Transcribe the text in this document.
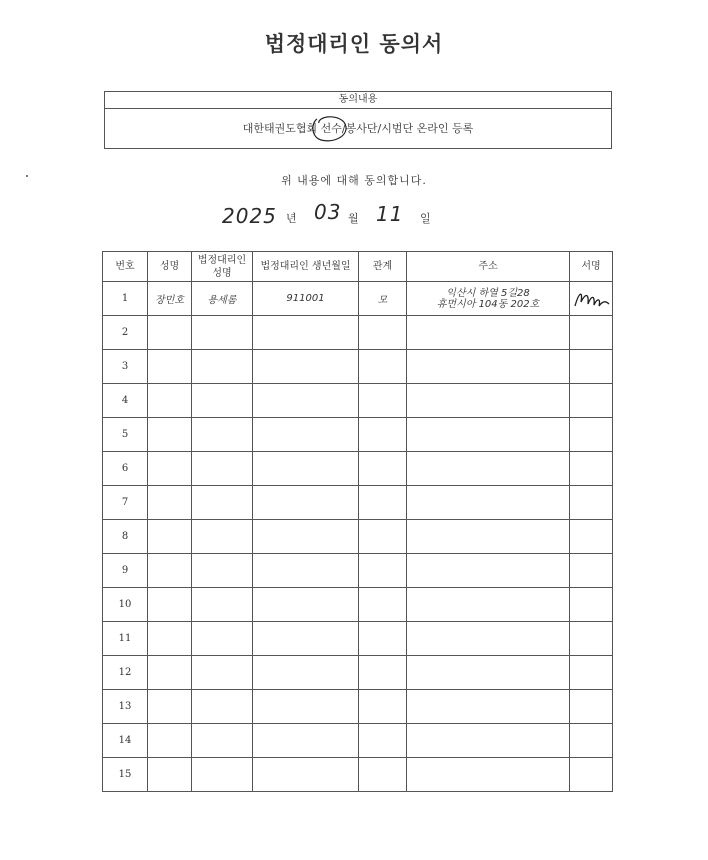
법정대리인 동의서
동의내용
대한태권도협회 선수/봉사단/시범단 온라인 등록
위 내용에 대해 동의합니다.
2025 년 03 월 11 일
번호	성명	법정대리인 성명	법정대리인 생년월일	관계	주소	서명
1	장민호	용세롬	911001	모	익산시 하열 5길28
휴먼시아 104동 202호

2						
3						
4						
5						
6						
7						
8						
9						
10						
11						
12						
13						
14						
15						
